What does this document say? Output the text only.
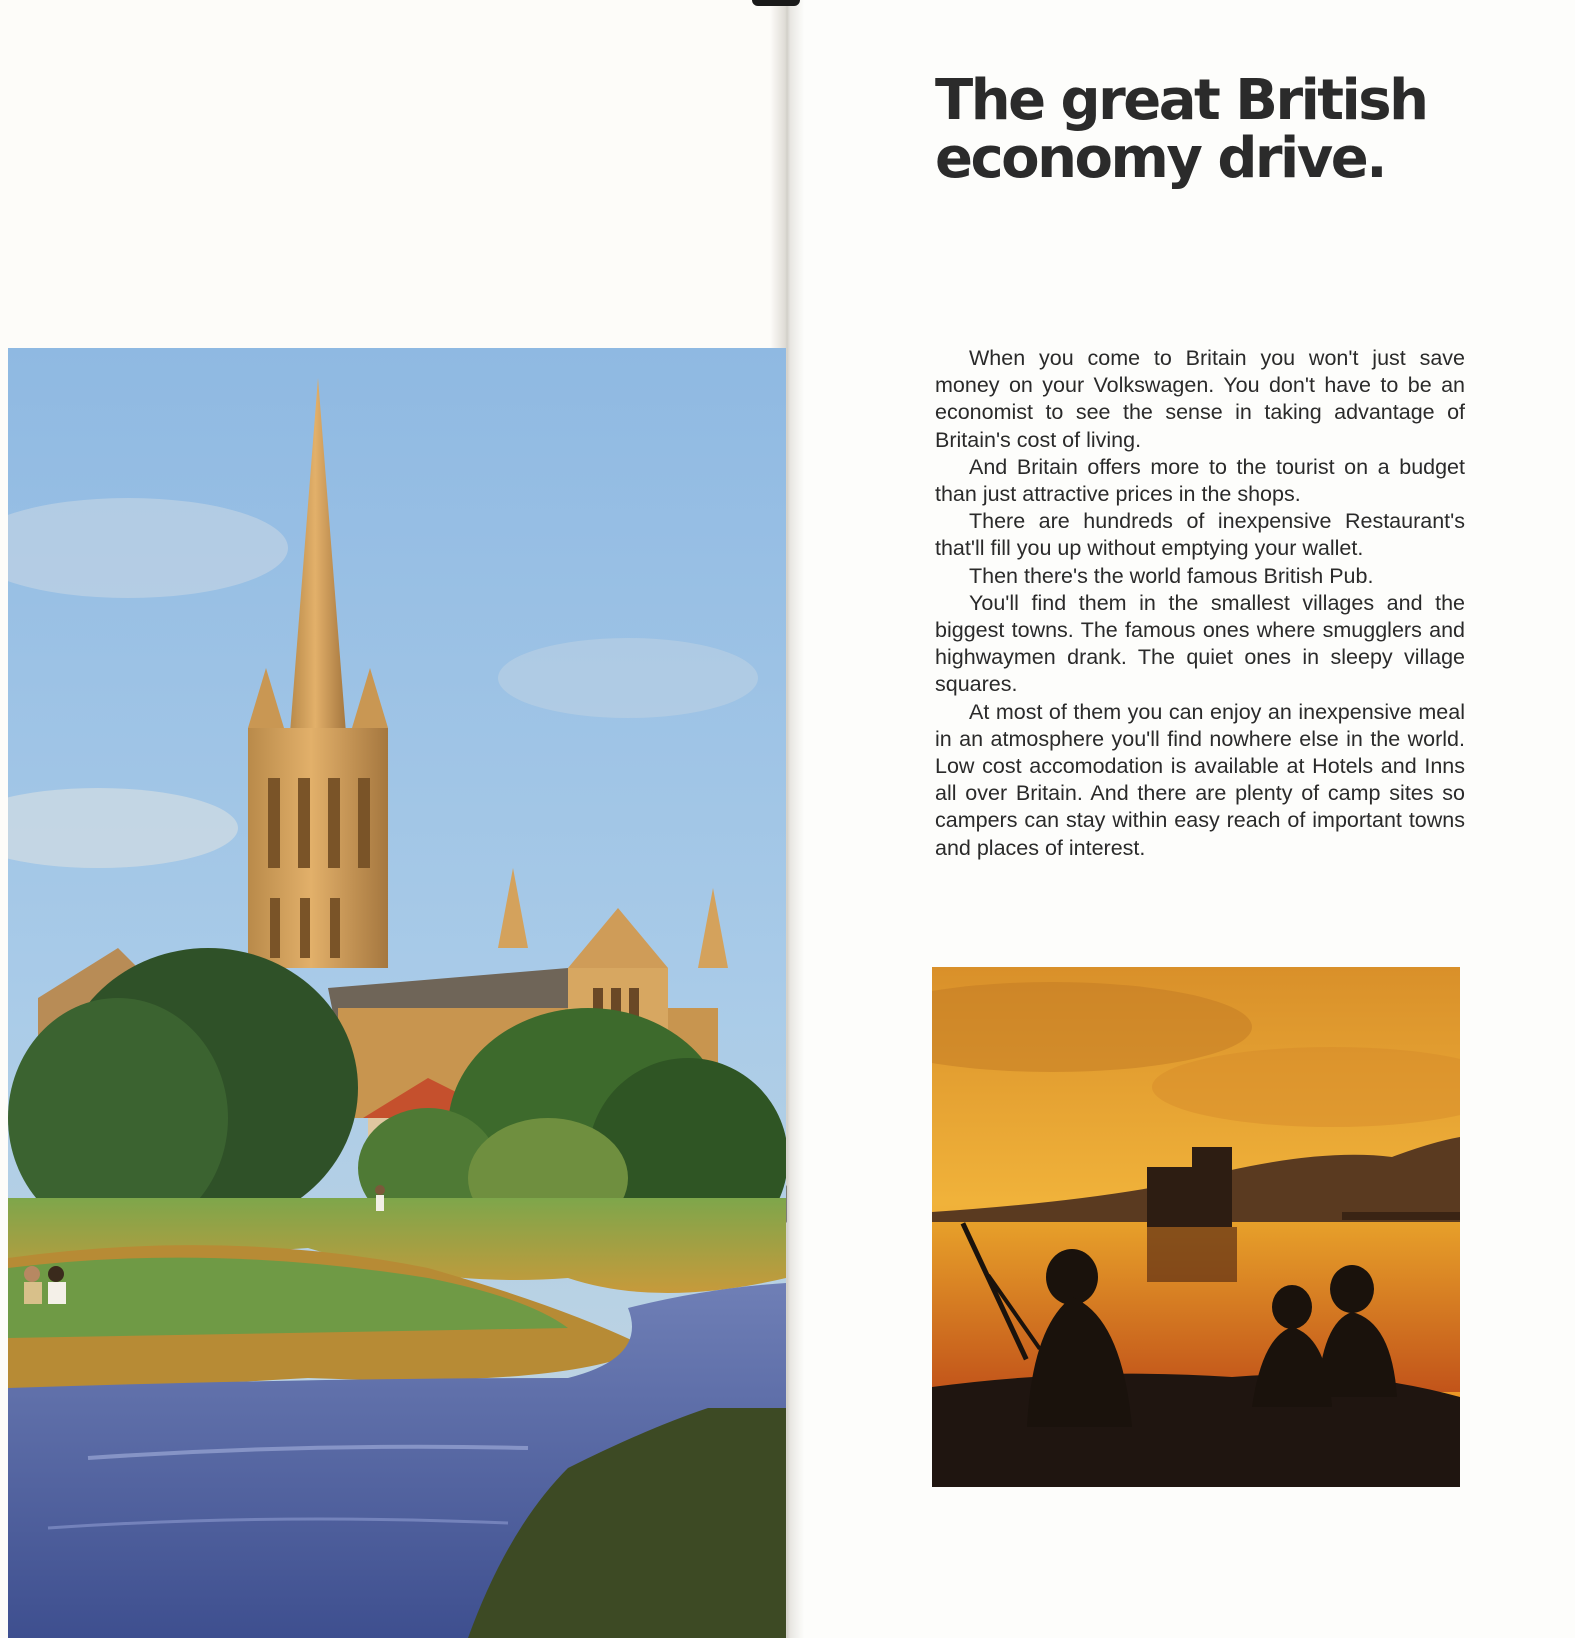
The great British
economy drive.

When you come to Britain you won't just save money on your Volkswagen. You don't have to be an economist to see the sense in taking advantage of Britain's cost of living.

And Britain offers more to the tourist on a budget than just attractive prices in the shops.

There are hundreds of inexpensive Restaurant's that'll fill you up without emptying your wallet.

Then there's the world famous British Pub.

You'll find them in the smallest villages and the biggest towns. The famous ones where smugglers and highwaymen drank. The quiet ones in sleepy village squares.

At most of them you can enjoy an inexpensive meal in an atmosphere you'll find nowhere else in the world. Low cost accomodation is available at Hotels and Inns all over Britain. And there are plenty of camp sites so campers can stay within easy reach of important towns and places of interest.
